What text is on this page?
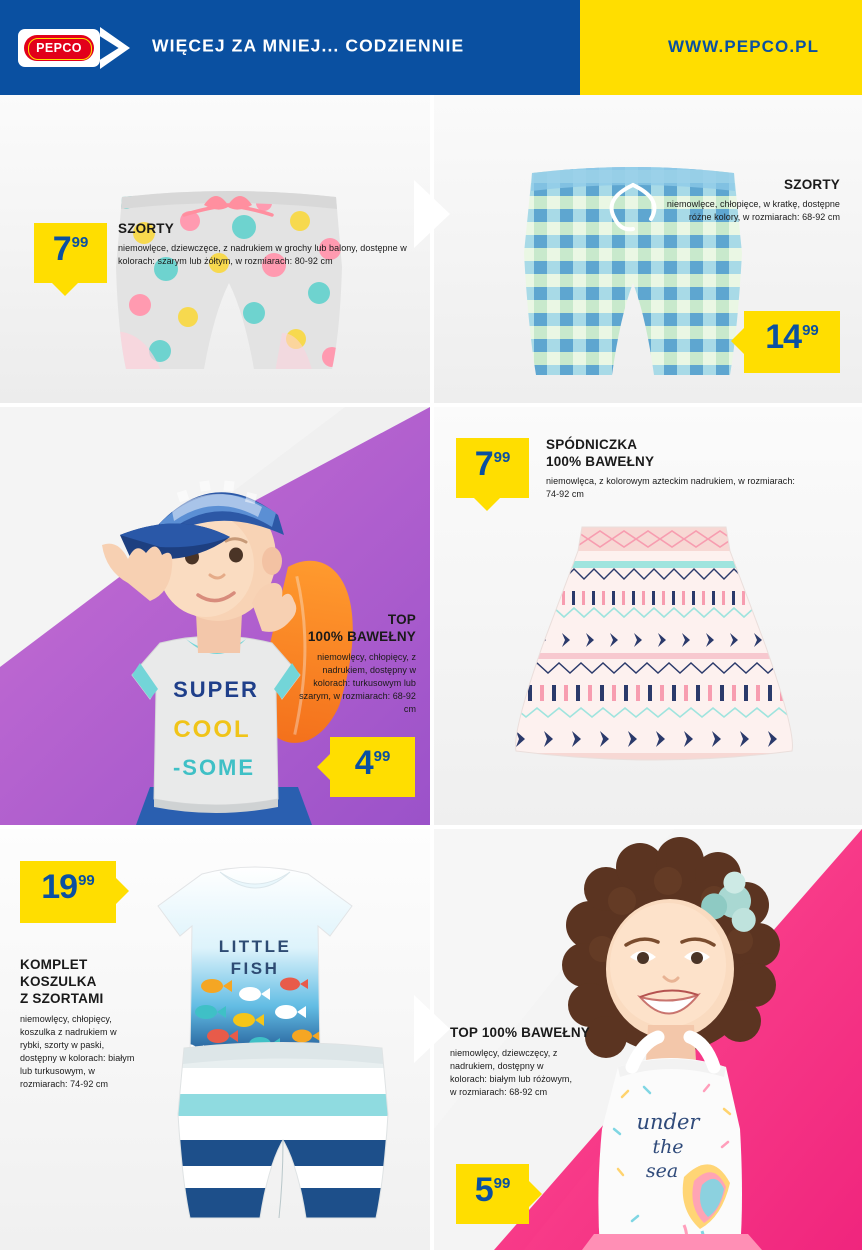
PEPCO	WIĘCEJ ZA MNIEJ... CODZIENNIE	WWW.PEPCO.PL
7 99
SZORTY
niemowlęce, dziewczęce, z nadrukiem w grochy lub balony, dostępne w kolorach: szarym lub żółtym, w rozmiarach: 80-92 cm
SZORTY
niemowlęce, chłopięce, w kratkę, dostępne różne kolory, w rozmiarach: 68-92 cm
14 99
SUPER
COOL
-SOME
TOP
100% BAWEŁNY
niemowlęcy, chłopięcy, z nadrukiem, dostępny w kolorach: turkusowym lub szarym, w rozmiarach: 68-92 cm
4 99
7 99
SPÓDNICZKA
100% BAWEŁNY
niemowlęca, z kolorowym azteckim nadrukiem, w rozmiarach: 74-92 cm
LITTLE
FISH
19 99
KOMPLET
KOSZULKA
Z SZORTAMI
niemowlęcy, chłopięcy, koszulka z nadrukiem w rybki, szorty w paski, dostępny w kolorach: białym lub turkusowym, w rozmiarach: 74-92 cm
under
the
sea
TOP 100% BAWEŁNY
niemowlęcy, dziewczęcy, z nadrukiem, dostępny w kolorach: białym lub różowym, w rozmiarach: 68-92 cm
5 99
